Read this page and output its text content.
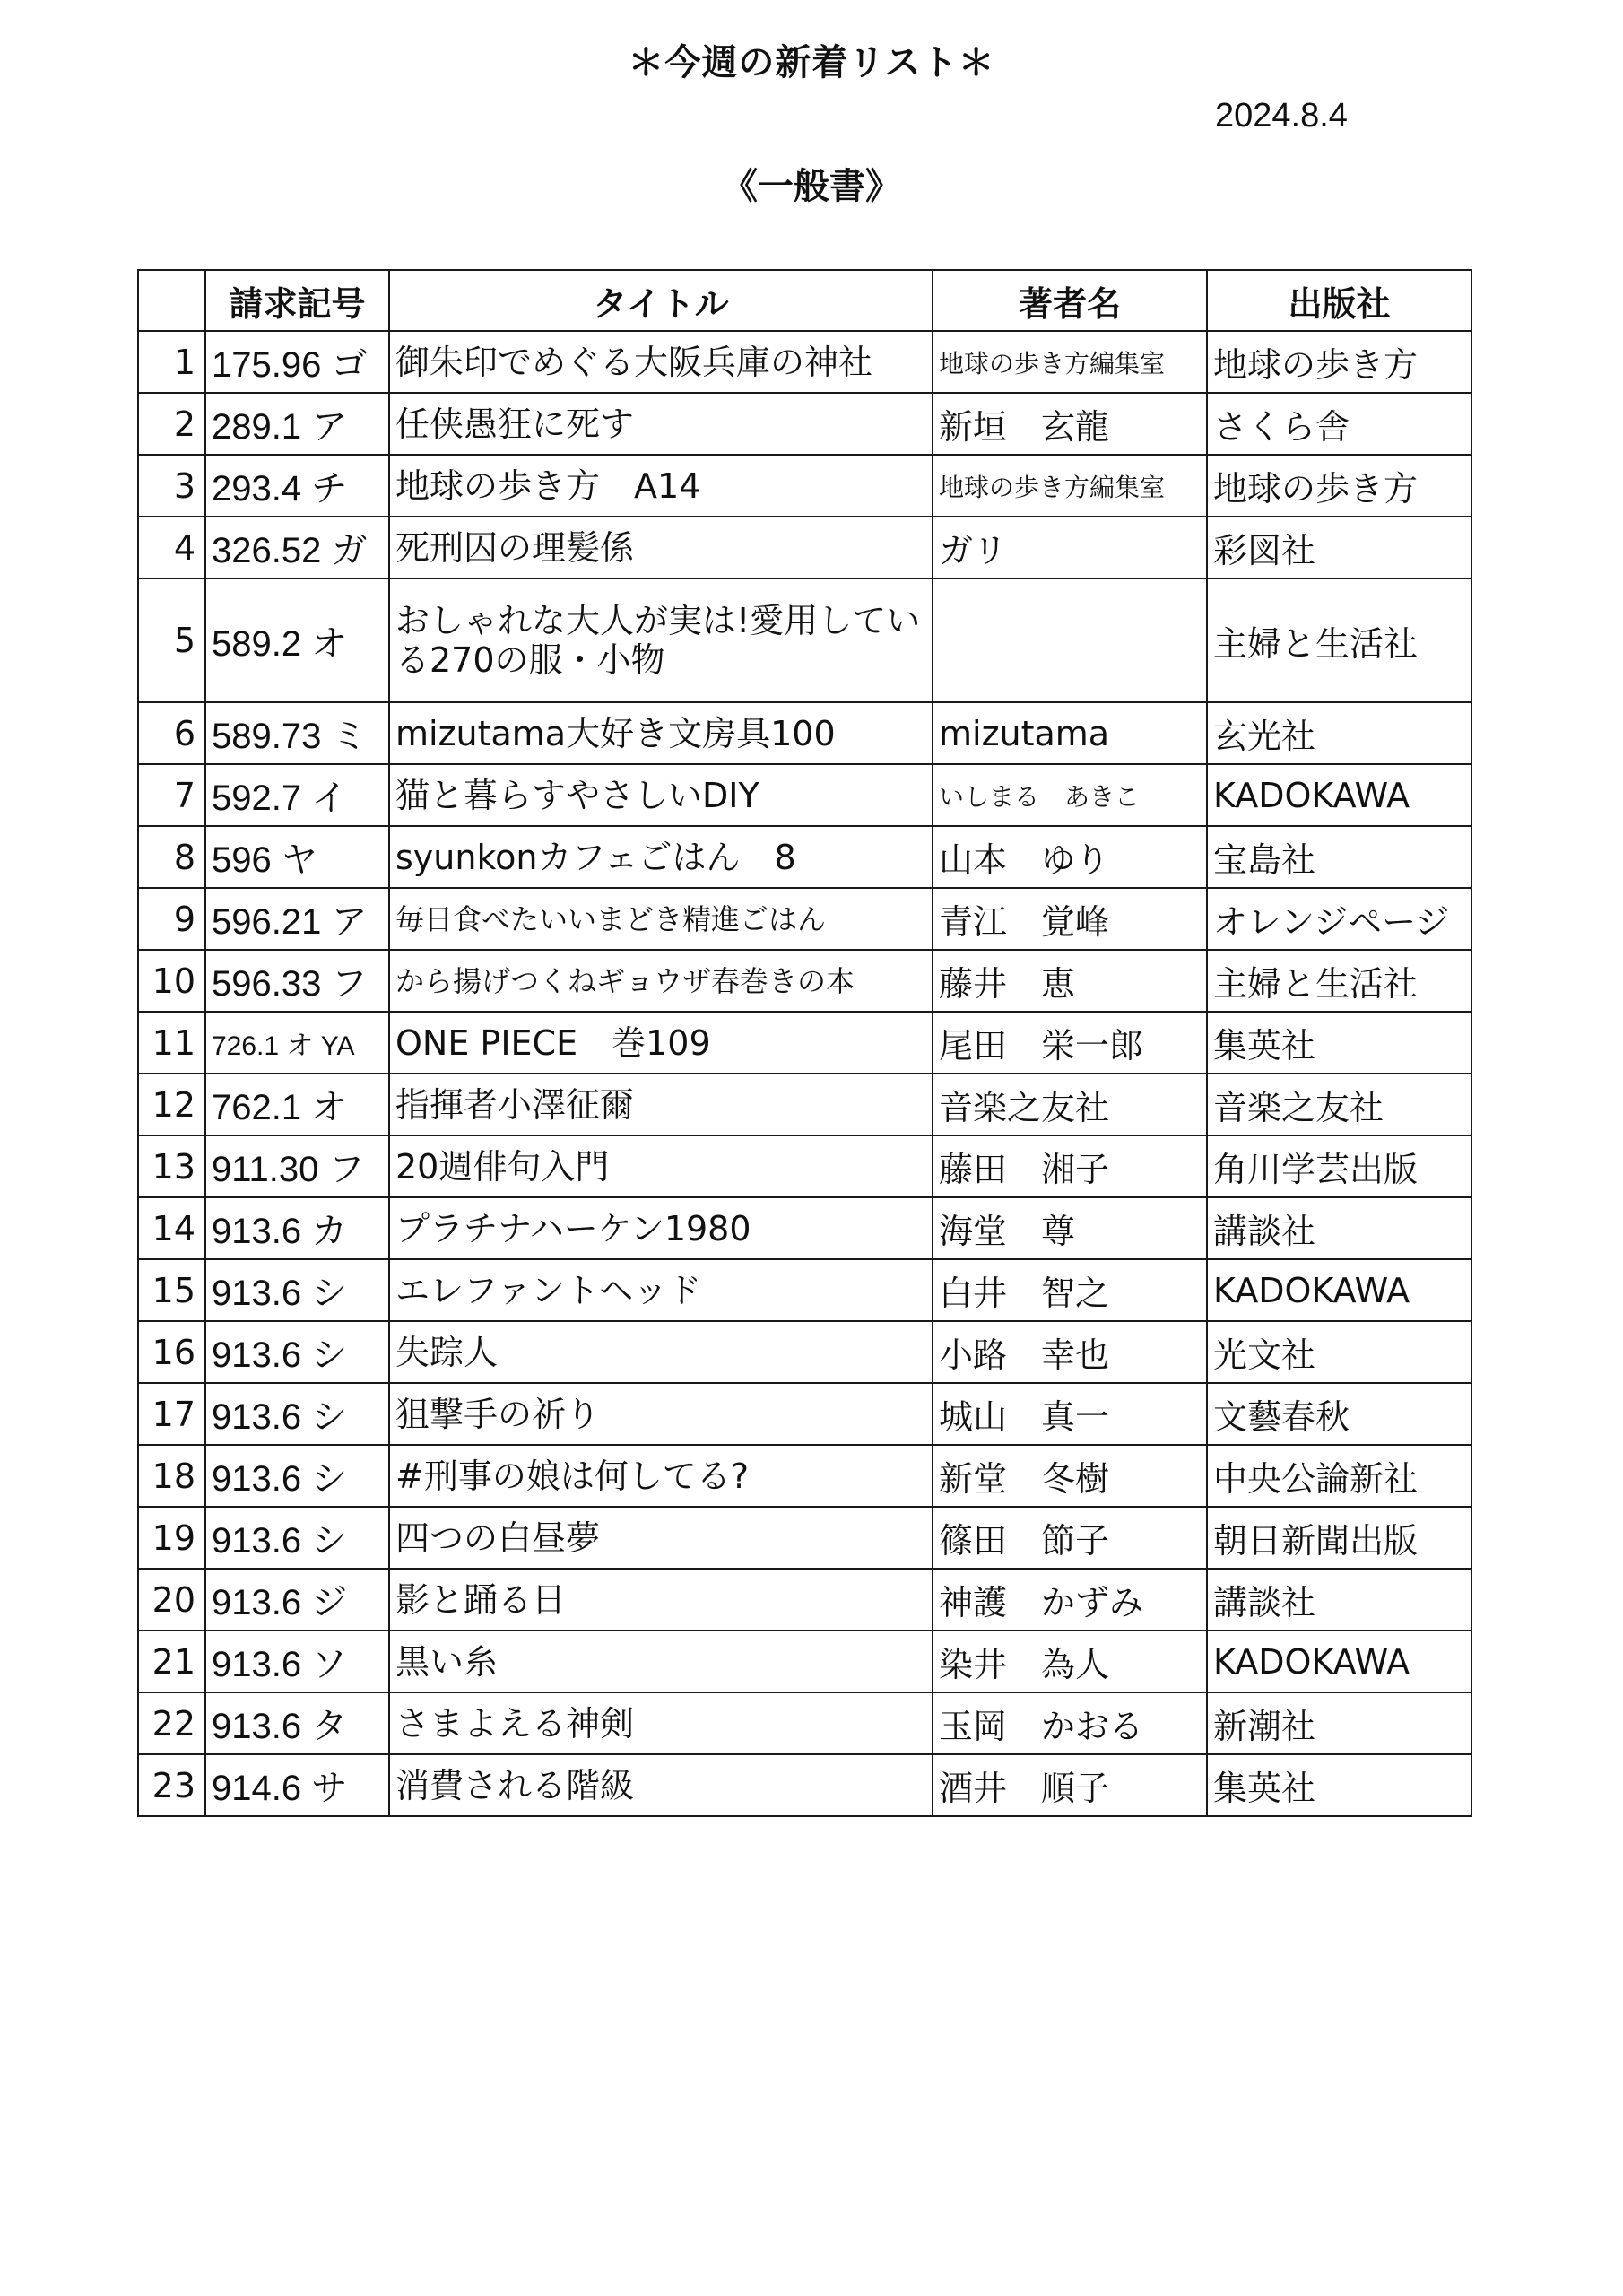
＊今週の新着リスト＊
2024.8.4
《一般書》
	請求記号	タイトル	著者名	出版社
1	175.96 ゴ	御朱印でめぐる大阪兵庫の神社	地球の歩き方編集室	地球の歩き方
2	289.1 ア	任侠愚狂に死す	新垣　玄龍	さくら舎
3	293.4 チ	地球の歩き方　A14	地球の歩き方編集室	地球の歩き方
4	326.52 ガ	死刑囚の理髪係	ガリ	彩図社
5	589.2 オ	おしゃれな大人が実は!愛用している270の服・小物		主婦と生活社
6	589.73 ミ	mizutama大好き文房具100	mizutama	玄光社
7	592.7 イ	猫と暮らすやさしいDIY	いしまる　あきこ	KADOKAWA
8	596 ヤ	syunkonカフェごはん　8	山本　ゆり	宝島社
9	596.21 ア	毎日食べたいいまどき精進ごはん	青江　覚峰	オレンジページ
10	596.33 フ	から揚げつくねギョウザ春巻きの本	藤井　恵	主婦と生活社
11	726.1 オ YA	ONE PIECE　巻109	尾田　栄一郎	集英社
12	762.1 オ	指揮者小澤征爾	音楽之友社	音楽之友社
13	911.30 フ	20週俳句入門	藤田　湘子	角川学芸出版
14	913.6 カ	プラチナハーケン1980	海堂　尊	講談社
15	913.6 シ	エレファントヘッド	白井　智之	KADOKAWA
16	913.6 シ	失踪人	小路　幸也	光文社
17	913.6 シ	狙撃手の祈り	城山　真一	文藝春秋
18	913.6 シ	#刑事の娘は何してる?	新堂　冬樹	中央公論新社
19	913.6 シ	四つの白昼夢	篠田　節子	朝日新聞出版
20	913.6 ジ	影と踊る日	神護　かずみ	講談社
21	913.6 ソ	黒い糸	染井　為人	KADOKAWA
22	913.6 タ	さまよえる神剣	玉岡　かおる	新潮社
23	914.6 サ	消費される階級	酒井　順子	集英社
